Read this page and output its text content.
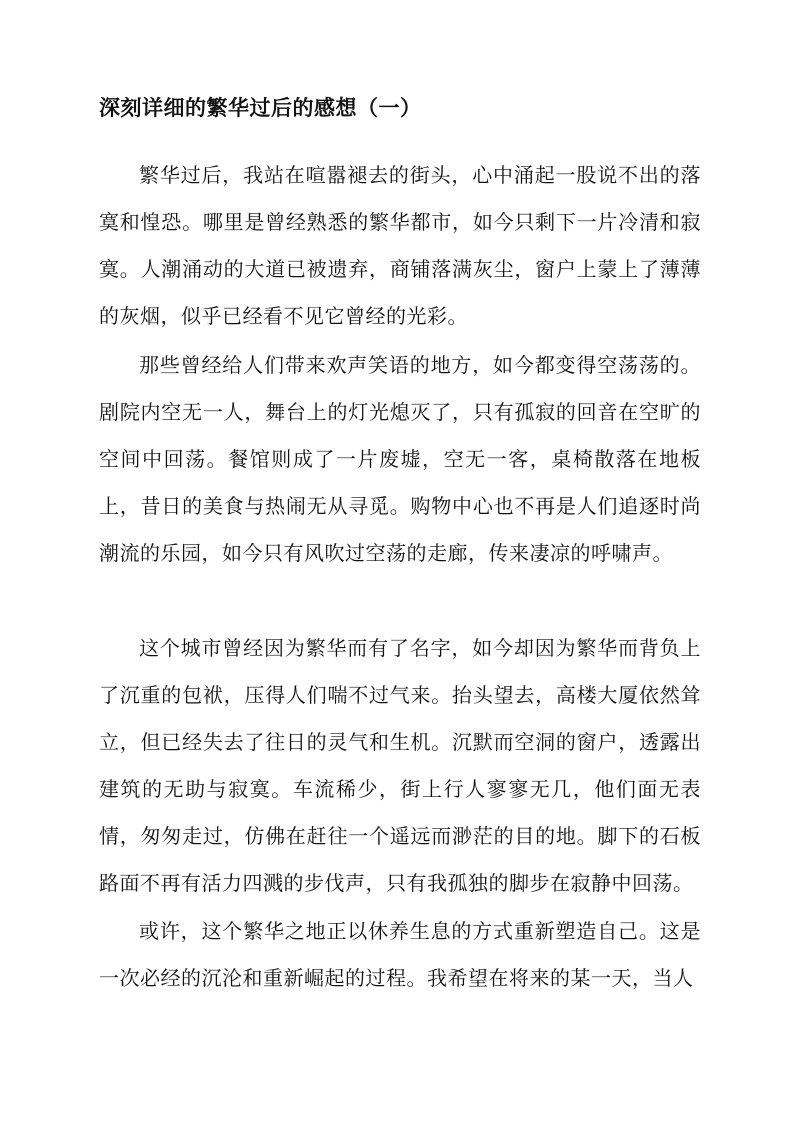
深刻详细的繁华过后的感想（一）

繁华过后，我站在喧嚣褪去的街头，心中涌起一股说不出的落寞和惶恐。哪里是曾经熟悉的繁华都市，如今只剩下一片冷清和寂寞。人潮涌动的大道已被遗弃，商铺落满灰尘，窗户上蒙上了薄薄的灰烟，似乎已经看不见它曾经的光彩。

那些曾经给人们带来欢声笑语的地方，如今都变得空荡荡的。剧院内空无一人，舞台上的灯光熄灭了，只有孤寂的回音在空旷的空间中回荡。餐馆则成了一片废墟，空无一客，桌椅散落在地板上，昔日的美食与热闹无从寻觅。购物中心也不再是人们追逐时尚潮流的乐园，如今只有风吹过空荡的走廊，传来凄凉的呼啸声。

这个城市曾经因为繁华而有了名字，如今却因为繁华而背负上了沉重的包袱，压得人们喘不过气来。抬头望去，高楼大厦依然耸立，但已经失去了往日的灵气和生机。沉默而空洞的窗户，透露出建筑的无助与寂寞。车流稀少，街上行人寥寥无几，他们面无表情，匆匆走过，仿佛在赶往一个遥远而渺茫的目的地。脚下的石板路面不再有活力四溅的步伐声，只有我孤独的脚步在寂静中回荡。

或许，这个繁华之地正以休养生息的方式重新塑造自己。这是一次必经的沉沦和重新崛起的过程。我希望在将来的某一天，当人
